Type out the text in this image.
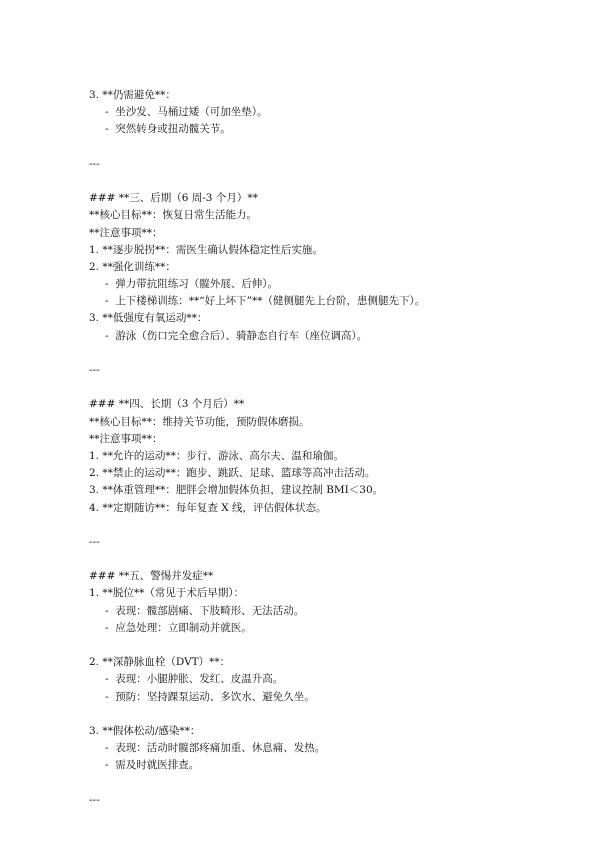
3. **仍需避免**：
-  坐沙发、马桶过矮（可加坐垫）。
-  突然转身或扭动髋关节。
---
### **三、后期（6 周-3 个月）**
**核心目标**：恢复日常生活能力。
**注意事项**：
1. **逐步脱拐**：需医生确认假体稳定性后实施。
2. **强化训练**：
-  弹力带抗阻练习（髋外展、后伸）。
-  上下楼梯训练：**“好上坏下”**（健侧腿先上台阶，患侧腿先下）。
3. **低强度有氧运动**：
-  游泳（伤口完全愈合后）、骑静态自行车（座位调高）。
---
### **四、长期（3 个月后）**
**核心目标**：维持关节功能，预防假体磨损。
**注意事项**：
1. **允许的运动**：步行、游泳、高尔夫、温和瑜伽。
2. **禁止的运动**：跑步、跳跃、足球、篮球等高冲击活动。
3. **体重管理**：肥胖会增加假体负担，建议控制 BMI＜30。
4. **定期随访**：每年复查 X 线，评估假体状态。
---
### **五、警惕并发症**
1. **脱位**（常见于术后早期）：
-  表现：髋部剧痛、下肢畸形、无法活动。
-  应急处理：立即制动并就医。
2. **深静脉血栓（DVT）**：
-  表现：小腿肿胀、发红、皮温升高。
-  预防：坚持踝泵运动、多饮水、避免久坐。
3. **假体松动/感染**：
-  表现：活动时髋部疼痛加重、休息痛、发热。
-  需及时就医排查。
---
